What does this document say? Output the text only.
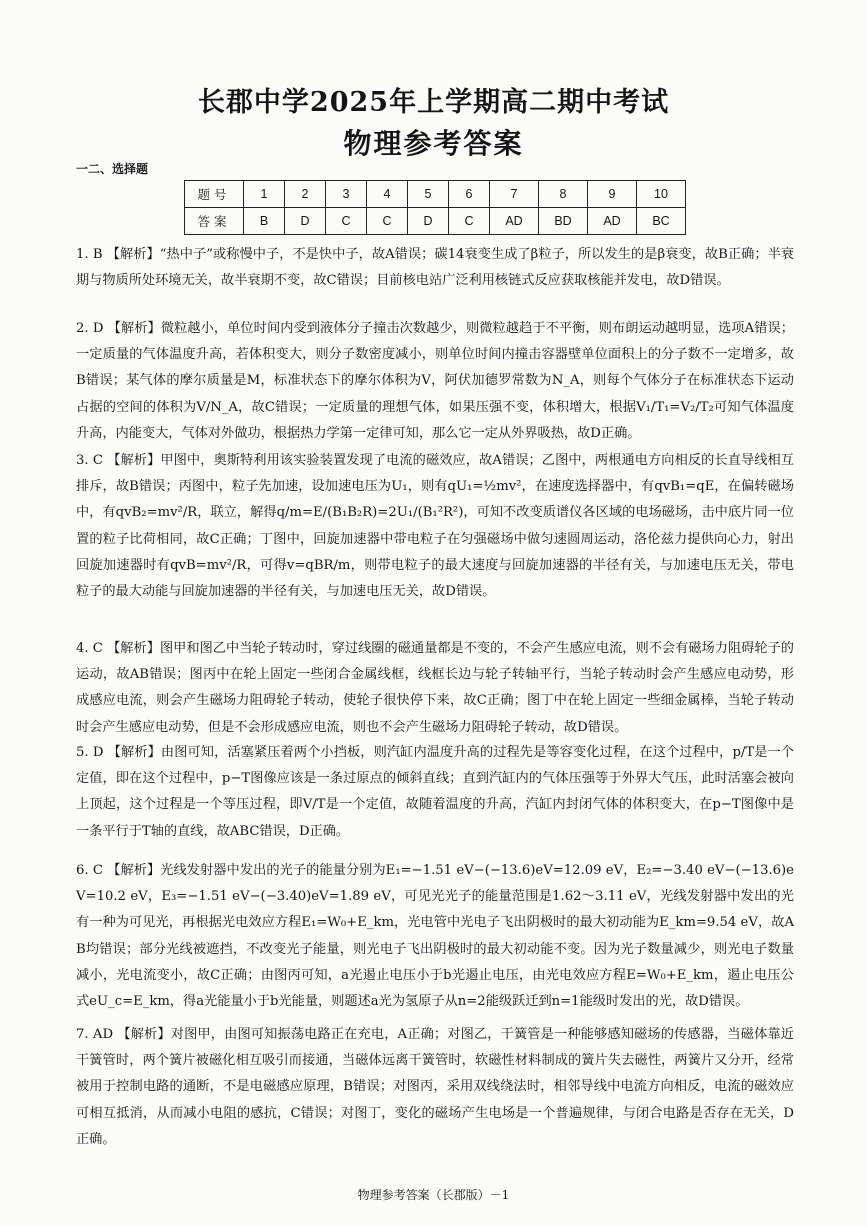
长郡中学2025年上学期高二期中考试
物理参考答案
一二、选择题
题号	1	2	3	4	5	6	7	8	9	10
答案	B	D	C	C	D	C	AD	BD	AD	BC

1. B 【解析】“热中子”或称慢中子，不是快中子，故A错误；碳14衰变生成了β粒子，所以发生的是β衰变，故B正确；半衰期与物质所处环境无关，故半衰期不变，故C错误；目前核电站广泛利用核链式反应获取核能并发电，故D错误。

2. D 【解析】微粒越小，单位时间内受到液体分子撞击次数越少，则微粒越趋于不平衡，则布朗运动越明显，选项A错误；一定质量的气体温度升高，若体积变大，则分子数密度减小，则单位时间内撞击容器壁单位面积上的分子数不一定增多，故B错误；某气体的摩尔质量是M，标准状态下的摩尔体积为V，阿伏加德罗常数为N_A，则每个气体分子在标准状态下运动占据的空间的体积为V/N_A，故C错误；一定质量的理想气体，如果压强不变，体积增大，根据V₁/T₁=V₂/T₂可知气体温度升高，内能变大，气体对外做功，根据热力学第一定律可知，那么它一定从外界吸热，故D正确。

3. C 【解析】甲图中，奥斯特利用该实验装置发现了电流的磁效应，故A错误；乙图中，两根通电方向相反的长直导线相互排斥，故B错误；丙图中，粒子先加速，设加速电压为U₁，则有qU₁=½mv²，在速度选择器中，有qvB₁=qE，在偏转磁场中，有qvB₂=mv²/R，联立，解得q/m=E/(B₁B₂R)=2U₁/(B₁²R²)，可知不改变质谱仪各区域的电场磁场，击中底片同一位置的粒子比荷相同，故C正确；丁图中，回旋加速器中带电粒子在匀强磁场中做匀速圆周运动，洛伦兹力提供向心力，射出回旋加速器时有qvB=mv²/R，可得v=qBR/m，则带电粒子的最大速度与回旋加速器的半径有关，与加速电压无关，带电粒子的最大动能与回旋加速器的半径有关，与加速电压无关，故D错误。

4. C 【解析】图甲和图乙中当轮子转动时，穿过线圈的磁通量都是不变的，不会产生感应电流，则不会有磁场力阻碍轮子的运动，故AB错误；图丙中在轮上固定一些闭合金属线框，线框长边与轮子转轴平行，当轮子转动时会产生感应电动势，形成感应电流，则会产生磁场力阻碍轮子转动，使轮子很快停下来，故C正确；图丁中在轮上固定一些细金属棒，当轮子转动时会产生感应电动势，但是不会形成感应电流，则也不会产生磁场力阻碍轮子转动，故D错误。

5. D 【解析】由图可知，活塞紧压着两个小挡板，则汽缸内温度升高的过程先是等容变化过程，在这个过程中，p/T是一个定值，即在这个过程中，p−T图像应该是一条过原点的倾斜直线；直到汽缸内的气体压强等于外界大气压，此时活塞会被向上顶起，这个过程是一个等压过程，即V/T是一个定值，故随着温度的升高，汽缸内封闭气体的体积变大，在p−T图像中是一条平行于T轴的直线，故ABC错误，D正确。

6. C 【解析】光线发射器中发出的光子的能量分别为E₁=−1.51 eV−(−13.6)eV=12.09 eV，E₂=−3.40 eV−(−13.6)eV=10.2 eV，E₃=−1.51 eV−(−3.40)eV=1.89 eV，可见光光子的能量范围是1.62～3.11 eV，光线发射器中发出的光有一种为可见光，再根据光电效应方程E₁=W₀+E_km，光电管中光电子飞出阴极时的最大初动能为E_km=9.54 eV，故AB均错误；部分光线被遮挡，不改变光子能量，则光电子飞出阴极时的最大初动能不变。因为光子数量减少，则光电子数量减小，光电流变小，故C正确；由图丙可知，a光遏止电压小于b光遏止电压，由光电效应方程E=W₀+E_km，遏止电压公式eU_c=E_km，得a光能量小于b光能量，则题述a光为氢原子从n=2能级跃迁到n=1能级时发出的光，故D错误。

7. AD 【解析】对图甲，由图可知振荡电路正在充电，A正确；对图乙，干簧管是一种能够感知磁场的传感器，当磁体靠近干簧管时，两个簧片被磁化相互吸引而接通，当磁体远离干簧管时，软磁性材料制成的簧片失去磁性，两簧片又分开，经常被用于控制电路的通断，不是电磁感应原理，B错误；对图丙，采用双线绕法时，相邻导线中电流方向相反，电流的磁效应可相互抵消，从而减小电阻的感抗，C错误；对图丁，变化的磁场产生电场是一个普遍规律，与闭合电路是否存在无关，D正确。

物理参考答案（长郡版）－1
